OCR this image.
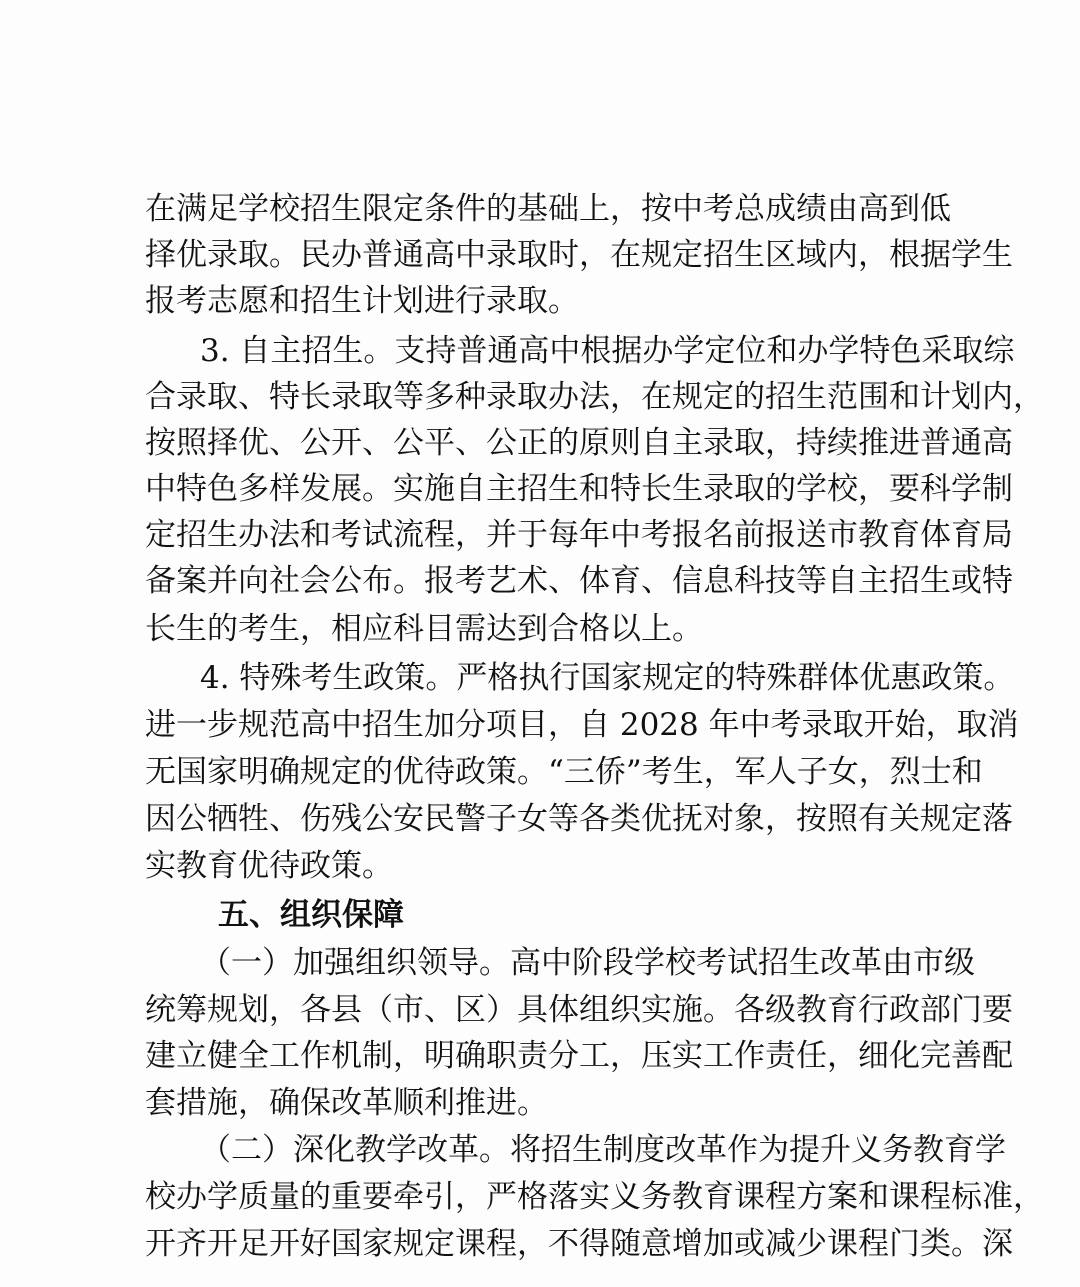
在满足学校招生限定条件的基础上，按中考总成绩由高到低
择优录取。民办普通高中录取时，在规定招生区域内，根据学生
报考志愿和招生计划进行录取。
3. 自主招生。支持普通高中根据办学定位和办学特色采取综
合录取、特长录取等多种录取办法，在规定的招生范围和计划内，
按照择优、公开、公平、公正的原则自主录取，持续推进普通高
中特色多样发展。实施自主招生和特长生录取的学校，要科学制
定招生办法和考试流程，并于每年中考报名前报送市教育体育局
备案并向社会公布。报考艺术、体育、信息科技等自主招生或特
长生的考生，相应科目需达到合格以上。
4. 特殊考生政策。严格执行国家规定的特殊群体优惠政策。
进一步规范高中招生加分项目，自 2028 年中考录取开始，取消
无国家明确规定的优待政策。“三侨”考生，军人子女，烈士和
因公牺牲、伤残公安民警子女等各类优抚对象，按照有关规定落
实教育优待政策。
五、组织保障
（一）加强组织领导。高中阶段学校考试招生改革由市级
统筹规划，各县（市、区）具体组织实施。各级教育行政部门要
建立健全工作机制，明确职责分工，压实工作责任，细化完善配
套措施，确保改革顺利推进。
（二）深化教学改革。将招生制度改革作为提升义务教育学
校办学质量的重要牵引，严格落实义务教育课程方案和课程标准，
开齐开足开好国家规定课程，不得随意增加或减少课程门类。深
